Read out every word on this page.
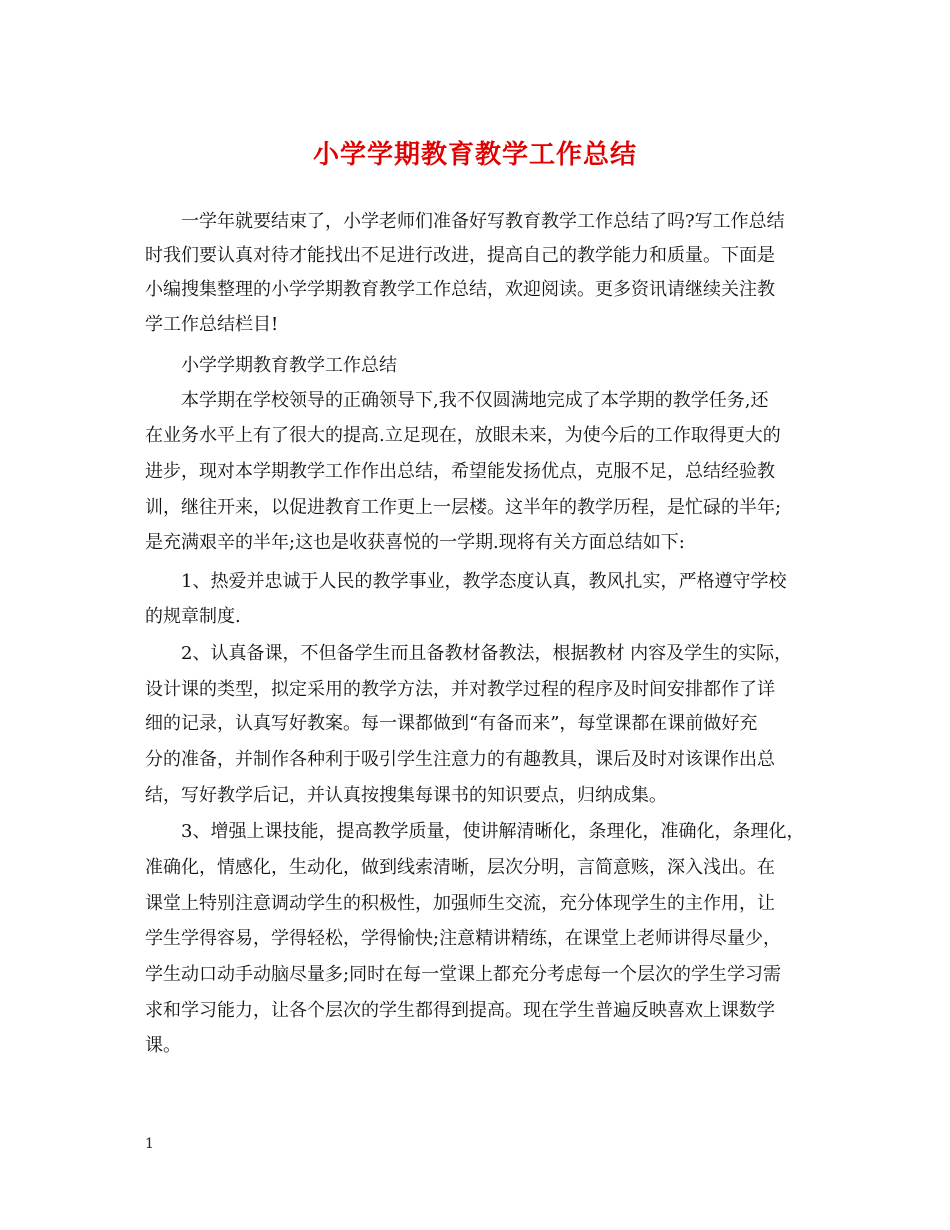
小学学期教育教学工作总结
一学年就要结束了，小学老师们准备好写教育教学工作总结了吗?写工作总结
时我们要认真对待才能找出不足进行改进，提高自己的教学能力和质量。下面是
小编搜集整理的小学学期教育教学工作总结，欢迎阅读。更多资讯请继续关注教
学工作总结栏目!
小学学期教育教学工作总结
本学期在学校领导的正确领导下,我不仅圆满地完成了本学期的教学任务,还
在业务水平上有了很大的提高.立足现在，放眼未来，为使今后的工作取得更大的
进步，现对本学期教学工作作出总结，希望能发扬优点，克服不足，总结经验教
训，继往开来，以促进教育工作更上一层楼。这半年的教学历程，是忙碌的半年;
是充满艰辛的半年;这也是收获喜悦的一学期.现将有关方面总结如下:
1、热爱并忠诚于人民的教学事业，教学态度认真，教风扎实，严格遵守学校
的规章制度.
2、认真备课，不但备学生而且备教材备教法，根据教材 内容及学生的实际，
设计课的类型，拟定采用的教学方法，并对教学过程的程序及时间安排都作了详
细的记录，认真写好教案。每一课都做到“有备而来”，每堂课都在课前做好充
分的准备，并制作各种利于吸引学生注意力的有趣教具，课后及时对该课作出总
结，写好教学后记，并认真按搜集每课书的知识要点，归纳成集。
3、增强上课技能，提高教学质量，使讲解清晰化，条理化，准确化，条理化，
准确化，情感化，生动化，做到线索清晰，层次分明，言简意赅，深入浅出。在
课堂上特别注意调动学生的积极性，加强师生交流，充分体现学生的主作用，让
学生学得容易，学得轻松，学得愉快;注意精讲精练，在课堂上老师讲得尽量少，
学生动口动手动脑尽量多;同时在每一堂课上都充分考虑每一个层次的学生学习需
求和学习能力，让各个层次的学生都得到提高。现在学生普遍反映喜欢上课数学
课。
1
